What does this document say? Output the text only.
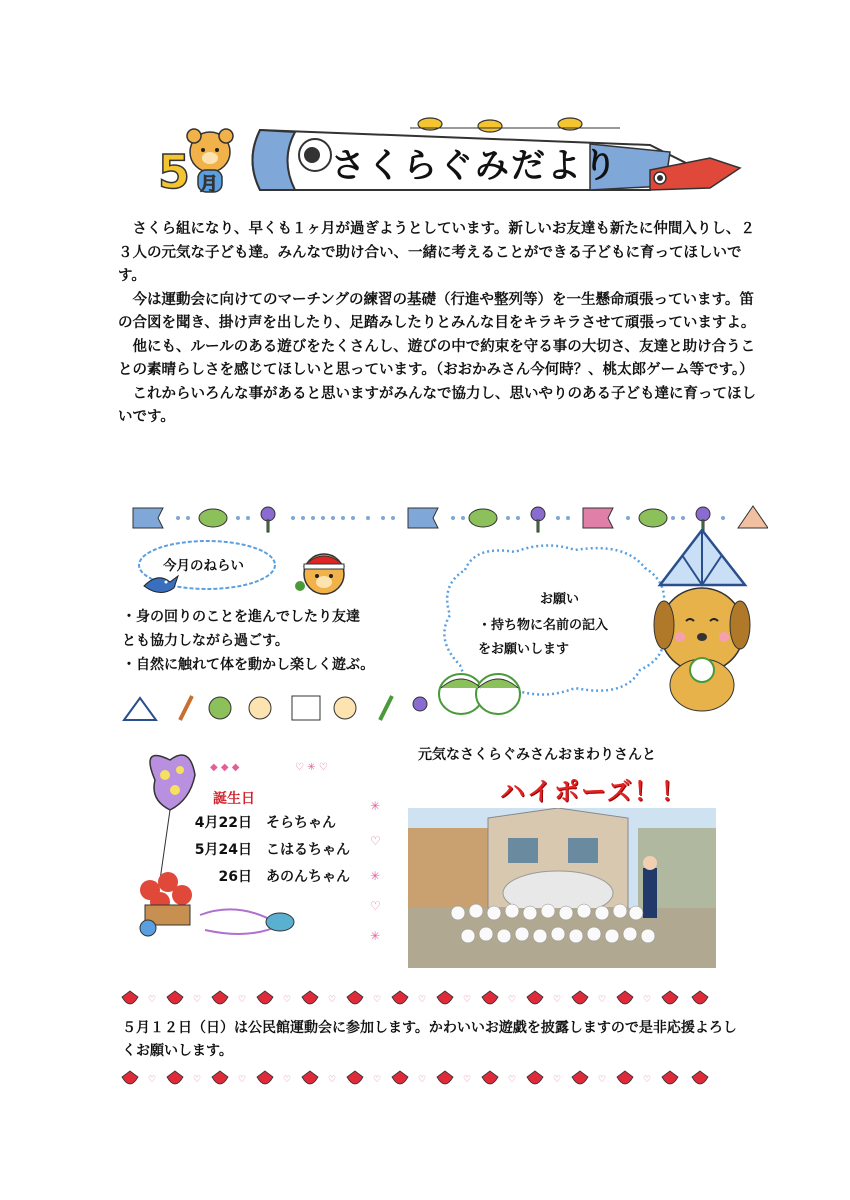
5 月	さくらぐみだより

さくら組になり、早くも１ヶ月が過ぎようとしています。新しいお友達も新たに仲間入りし、２３人の元気な子ども達。みんなで助け合い、一緒に考えることができる子どもに育ってほしいです。

今は運動会に向けてのマーチングの練習の基礎（行進や整列等）を一生懸命頑張っています。笛の合図を聞き、掛け声を出したり、足踏みしたりとみんな目をキラキラさせて頑張っていますよ。

他にも、ルールのある遊びをたくさんし、遊びの中で約束を守る事の大切さ、友達と助け合うことの素晴らしさを感じてほしいと思っています。（おおかみさん今何時？、桃太郎ゲーム等です。）

これからいろんな事があると思いますがみんなで協力し、思いやりのある子ども達に育ってほしいです。

今月のねらい
・身の回りのことを進んでしたり友達
とも協力しながら過ごす。
・自然に触れて体を動かし楽しく遊ぶ。
お願い
・持ち物に名前の記入
をお願いします
◆ ◆ ◆	♡ ✳ ♡
✳
♡
✳
♡
✳
誕生日
4月22日 そらちゃん
5月24日 こはるちゃん
26日 あのんちゃん
元気なさくらぐみさんおまわりさんと
ハイポーズ！！
♡	♡	♡	♡	♡	♡	♡	♡	♡	♡	♡	♡
５月１２日（日）は公民館運動会に参加します。かわいいお遊戯を披露しますので是非応援よろしくお願いします。
♡	♡	♡	♡	♡	♡	♡	♡	♡	♡	♡	♡
